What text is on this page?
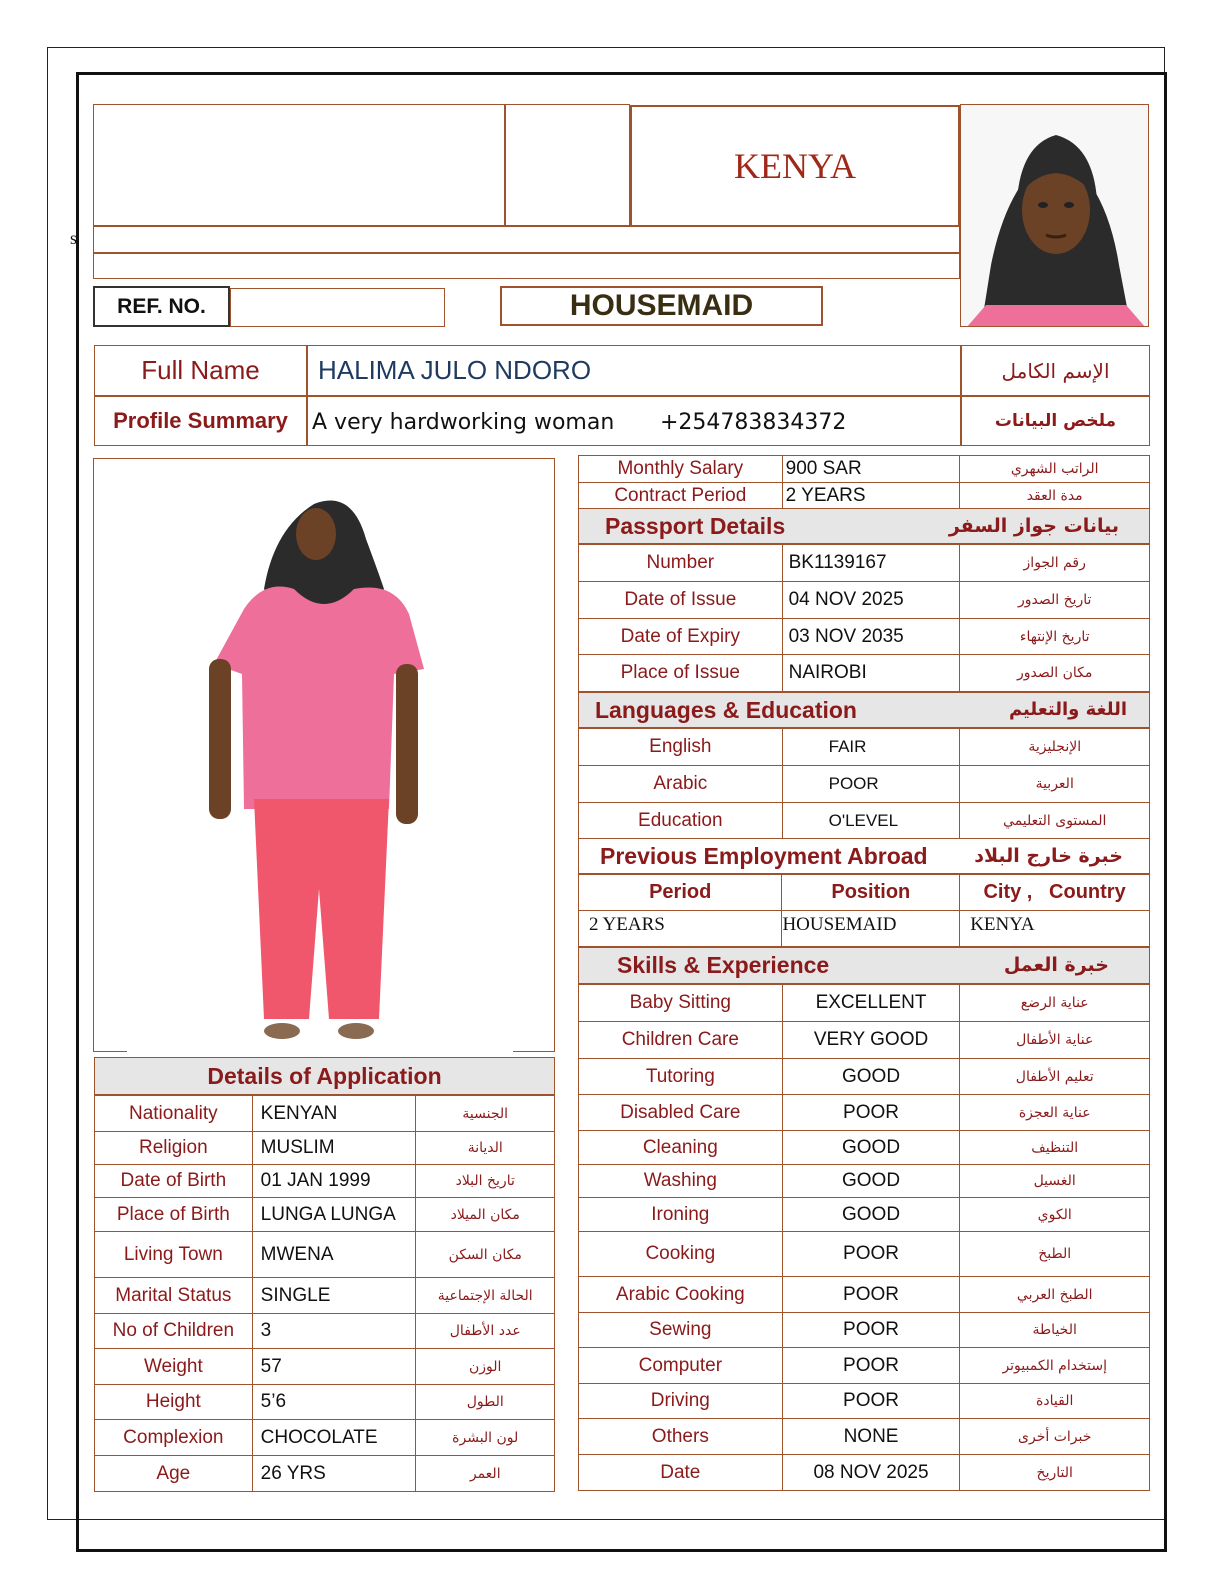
KENYA
s
REF. NO.	HOUSEMAID
Full Name	HALIMA JULO NDORO	الإسم الكامل
Profile Summary	A very hardworking woman +254783834372	ملخص البيانات
Details of Application
Nationality	KENYAN	الجنسية
Religion	MUSLIM	الديانة
Date of Birth	01 JAN 1999	تاريخ البلاد
Place of Birth	LUNGA LUNGA	مكان الميلاد
Living Town	MWENA	مكان السكن
Marital Status	SINGLE	الحالة الإجتماعية
No of Children	3	عدد الأطفال
Weight	57	الوزن
Height	5’6	الطول
Complexion	CHOCOLATE	لون البشرة
Age	26 YRS	العمر
Monthly Salary	900 SAR	الراتب الشهري
Contract Period	2 YEARS	مدة العقد
Passport Details	بيانات جواز السفر
Number	BK1139167	رقم الجواز
Date of Issue	04 NOV 2025	تاريخ الصدور
Date of Expiry	03 NOV 2035	تاريخ الإنتهاء
Place of Issue	NAIROBI	مكان الصدور
Languages & Education	اللغة والتعليم
English	FAIR	الإنجليزية
Arabic	POOR	العربية
Education	O'LEVEL	المستوى التعليمي
Previous Employment Abroad خبرة خارج البلاد
Period	Position	City ,   Country
2 YEARS	HOUSEMAID	KENYA
Skills & Experience	خبرة العمل
Baby Sitting	EXCELLENT	عناية الرضع
Children Care	VERY GOOD	عناية الأطفال
Tutoring	GOOD	تعليم الأطفال
Disabled Care	POOR	عناية العجزة
Cleaning	GOOD	التنظيف
Washing	GOOD	الغسيل
Ironing	GOOD	الكوي
Cooking	POOR	الطبخ
Arabic Cooking	POOR	الطبخ العربي
Sewing	POOR	الخياطة
Computer	POOR	إستخدام الكمبيوتر
Driving	POOR	القيادة
Others	NONE	خبرات أخرى
Date	08 NOV 2025	التاريخ
